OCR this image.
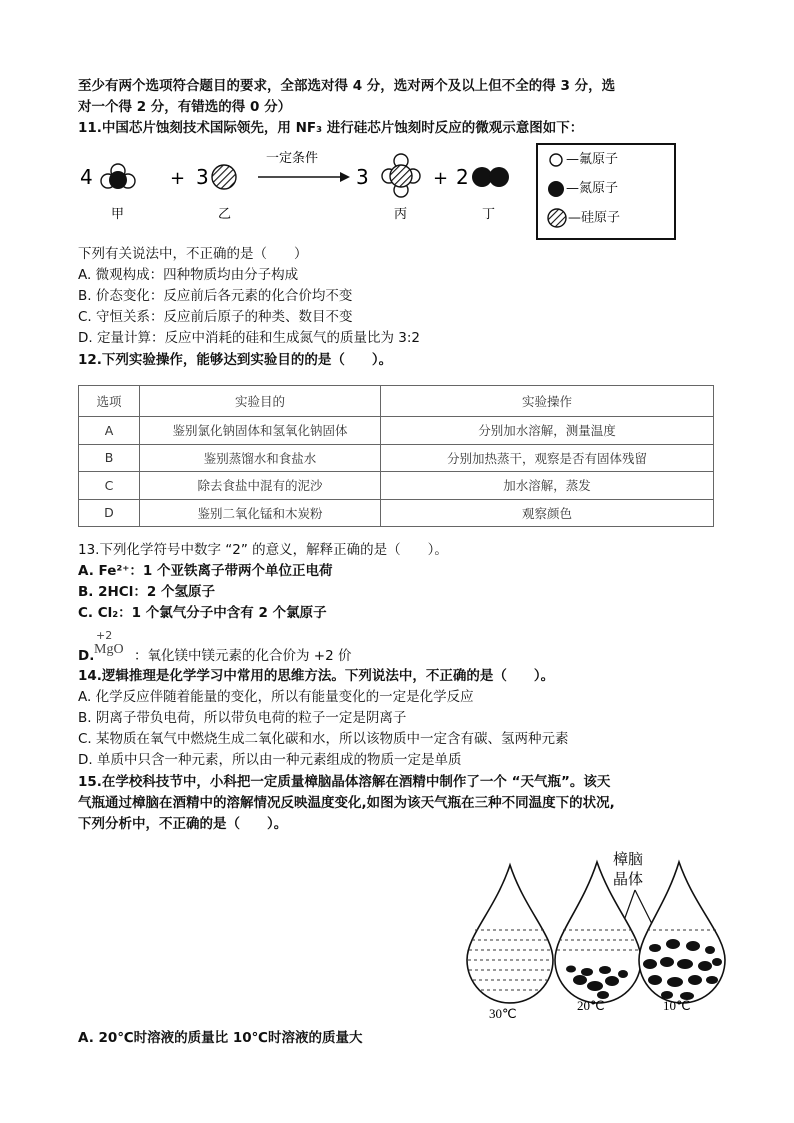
至少有两个选项符合题目的要求，全部选对得 4 分，选对两个及以上但不全的得 3 分，选
对一个得 2 分，有错选的得 0 分）
11.中国芯片蚀刻技术国际领先，用 NF₃ 进行硅芯片蚀刻时反应的微观示意图如下：
4
甲
+ 3
乙
一定条件
3
丙
+ 2
丁
—氟原子
—氮原子
—硅原子
下列有关说法中，不正确的是（　　）
A. 微观构成：四种物质均由分子构成
B. 价态变化：反应前后各元素的化合价均不变
C. 守恒关系：反应前后原子的种类、数目不变
D. 定量计算：反应中消耗的硅和生成氮气的质量比为 3:2
12.下列实验操作，能够达到实验目的的是（　　）。
选项	实验目的	实验操作
A	鉴别氯化钠固体和氢氧化钠固体	分别加水溶解，测量温度
B	鉴别蒸馏水和食盐水	分别加热蒸干，观察是否有固体残留
C	除去食盐中混有的泥沙	加水溶解，蒸发
D	鉴别二氧化锰和木炭粉	观察颜色
13.下列化学符号中数字 “2” 的意义，解释正确的是（　　）。
A. Fe²⁺：1 个亚铁离子带两个单位正电荷
B. 2HCl：2 个氢原子
C. Cl₂：1 个氯气分子中含有 2 个氯原子
D.
+2
MgO ：氧化镁中镁元素的化合价为 +2 价
14.逻辑推理是化学学习中常用的思维方法。下列说法中，不正确的是（　　）。
A. 化学反应伴随着能量的变化，所以有能量变化的一定是化学反应
B. 阴离子带负电荷，所以带负电荷的粒子一定是阴离子
C. 某物质在氧气中燃烧生成二氧化碳和水，所以该物质中一定含有碳、氢两种元素
D. 单质中只含一种元素，所以由一种元素组成的物质一定是单质
15.在学校科技节中，小科把一定质量樟脑晶体溶解在酒精中制作了一个 “天气瓶”。该天
气瓶通过樟脑在酒精中的溶解情况反映温度变化,如图为该天气瓶在三种不同温度下的状况,
下列分析中，不正确的是（　　）。
樟脑
晶体
30℃
20℃	10℃
A. 20℃时溶液的质量比 10℃时溶液的质量大
